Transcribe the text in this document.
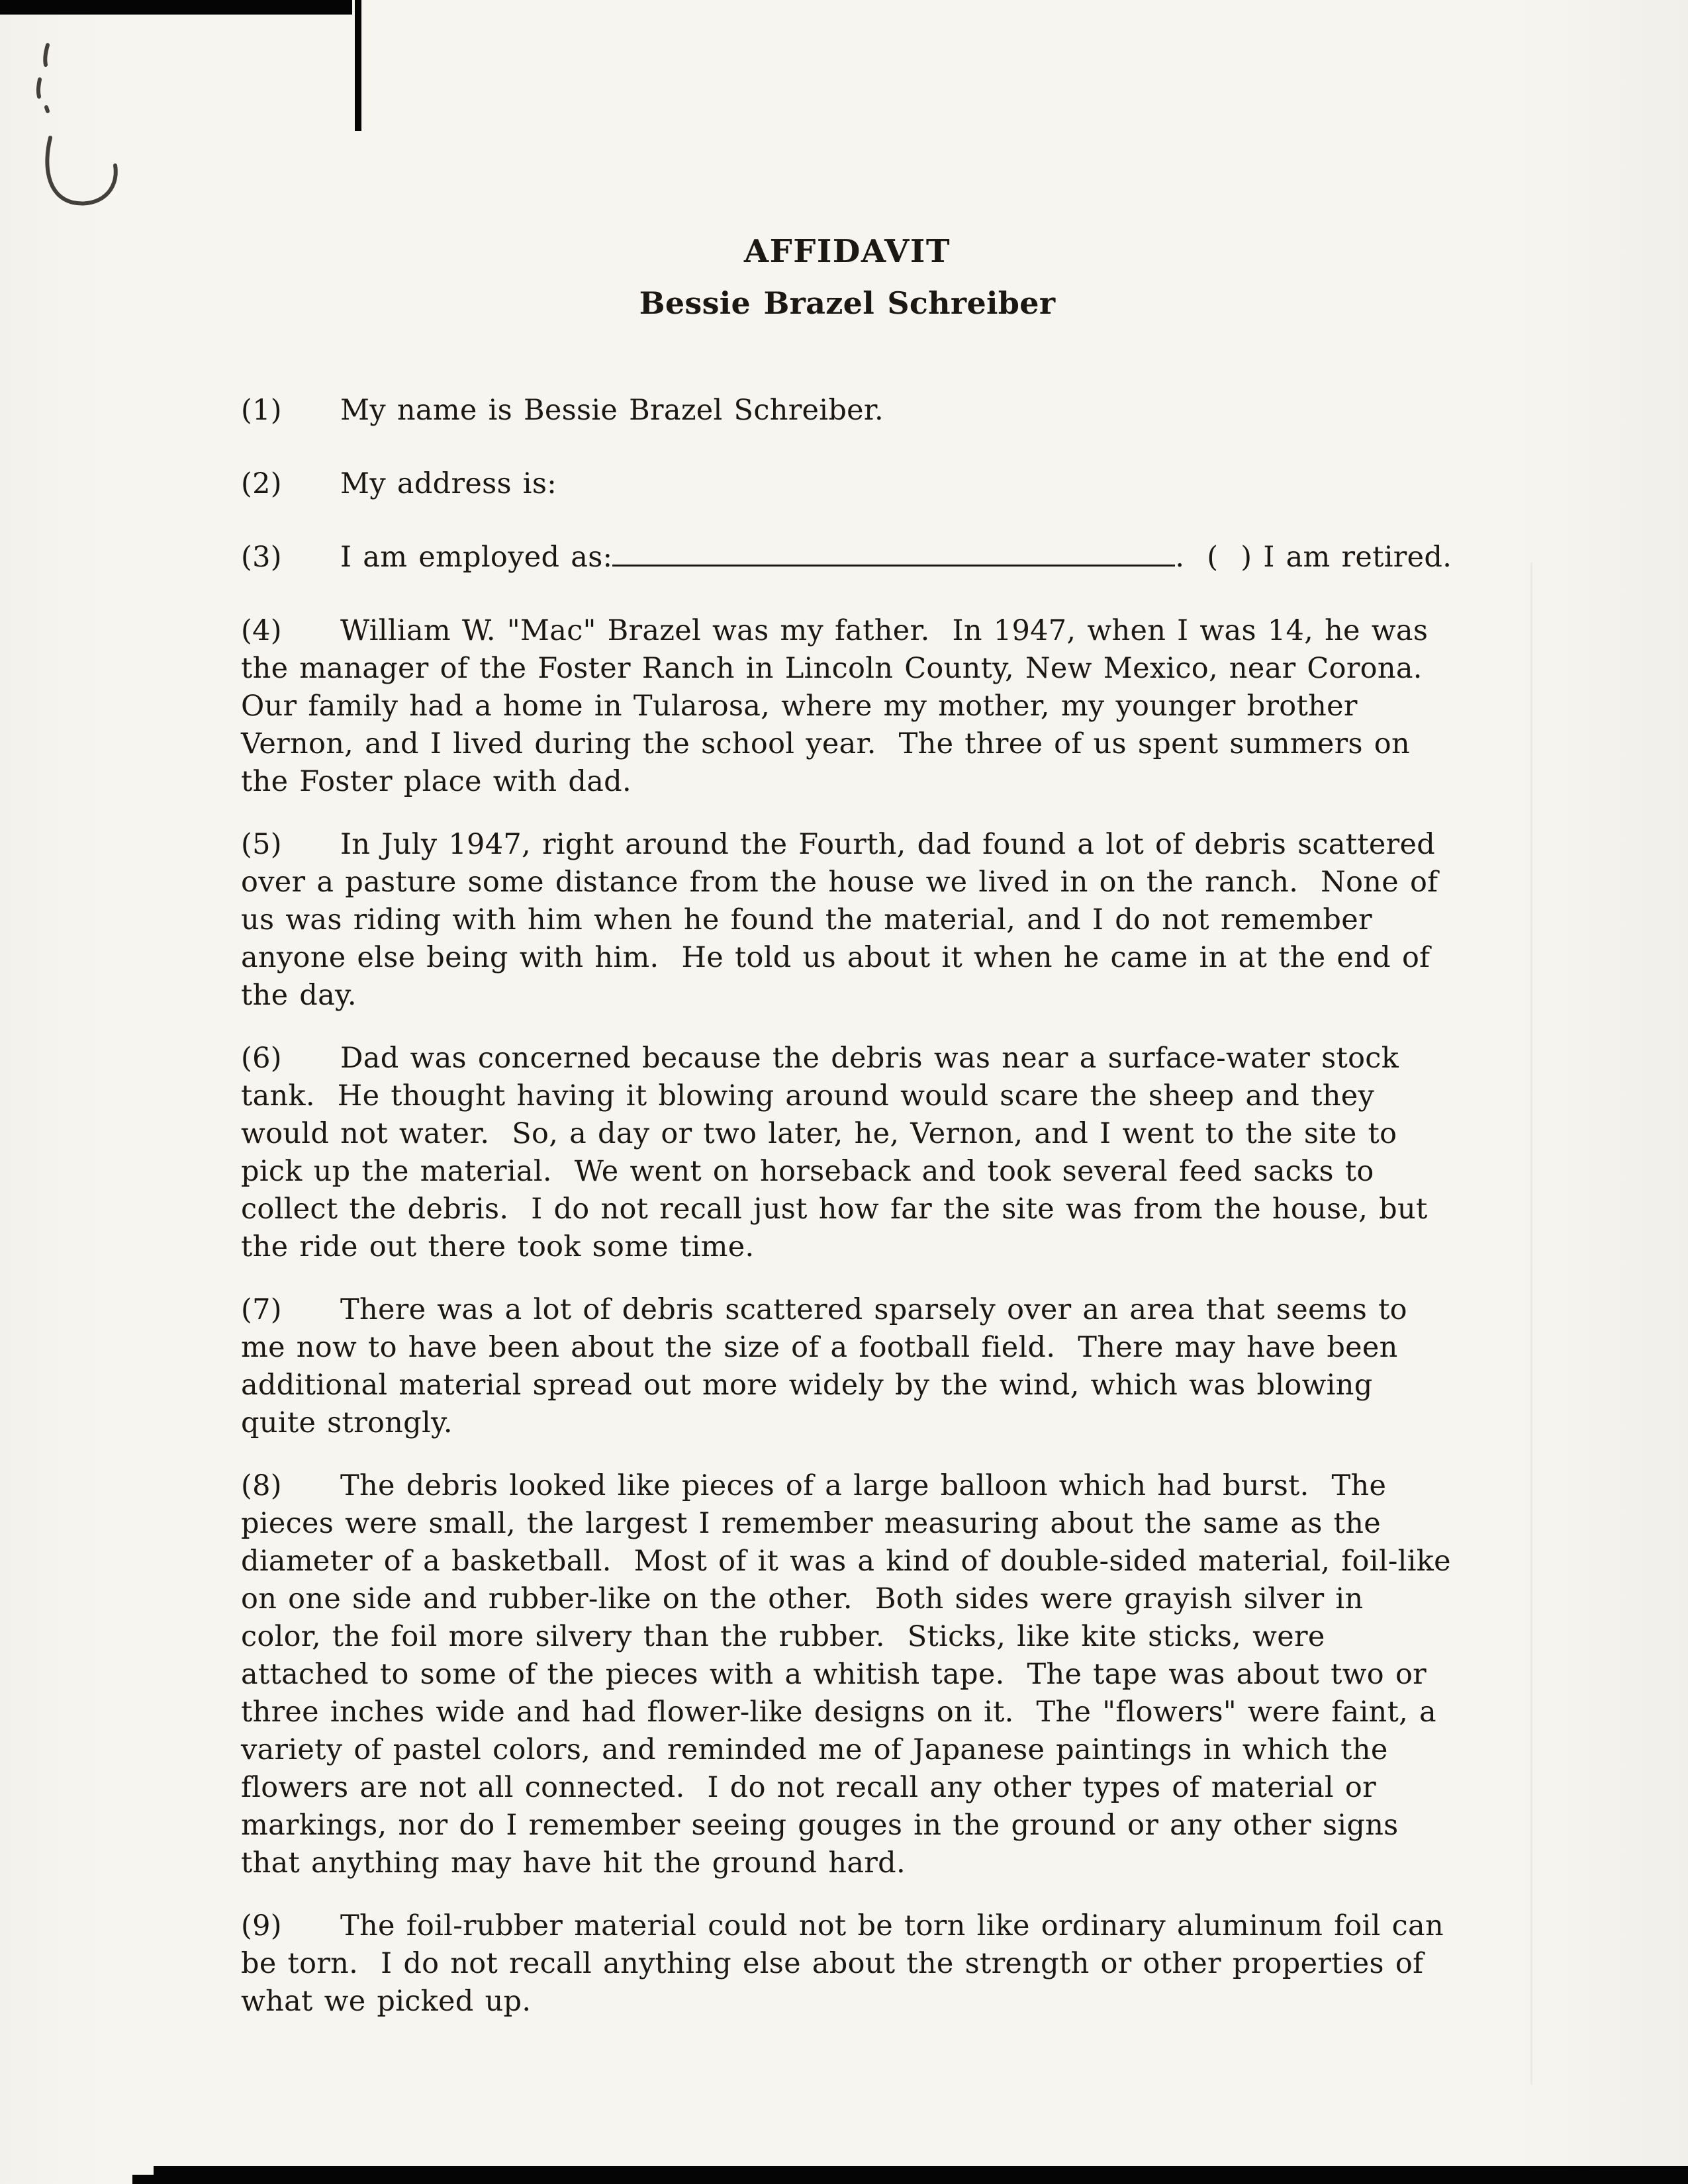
AFFIDAVIT
Bessie Brazel Schreiber

(1) My name is Bessie Brazel Schreiber.

(2) My address is:

(3) I am employed as:	.  (  ) I am retired.

(4) William W. "Mac" Brazel was my father.  In 1947, when I was 14, he was the manager of the Foster Ranch in Lincoln County, New Mexico, near Corona.  Our family had a home in Tularosa, where my mother, my younger brother Vernon, and I lived during the school year.  The three of us spent summers on the Foster place with dad.

(5) In July 1947, right around the Fourth, dad found a lot of debris scattered over a pasture some distance from the house we lived in on the ranch.  None of us was riding with him when he found the material, and I do not remember anyone else being with him.  He told us about it when he came in at the end of the day.

(6) Dad was concerned because the debris was near a surface-water stock tank.  He thought having it blowing around would scare the sheep and they would not water.  So, a day or two later, he, Vernon, and I went to the site to pick up the material.  We went on horseback and took several feed sacks to collect the debris.  I do not recall just how far the site was from the house, but the ride out there took some time.

(7) There was a lot of debris scattered sparsely over an area that seems to me now to have been about the size of a football field.  There may have been additional material spread out more widely by the wind, which was blowing quite strongly.

(8) The debris looked like pieces of a large balloon which had burst.  The pieces were small, the largest I remember measuring about the same as the diameter of a basketball.  Most of it was a kind of double-sided material, foil-like on one side and rubber-like on the other.  Both sides were grayish silver in color, the foil more silvery than the rubber.  Sticks, like kite sticks, were attached to some of the pieces with a whitish tape.  The tape was about two or three inches wide and had flower-like designs on it.  The "flowers" were faint, a variety of pastel colors, and reminded me of Japanese paintings in which the flowers are not all connected.  I do not recall any other types of material or markings, nor do I remember seeing gouges in the ground or any other signs that anything may have hit the ground hard.

(9) The foil-rubber material could not be torn like ordinary aluminum foil can be torn.  I do not recall anything else about the strength or other properties of what we picked up.
